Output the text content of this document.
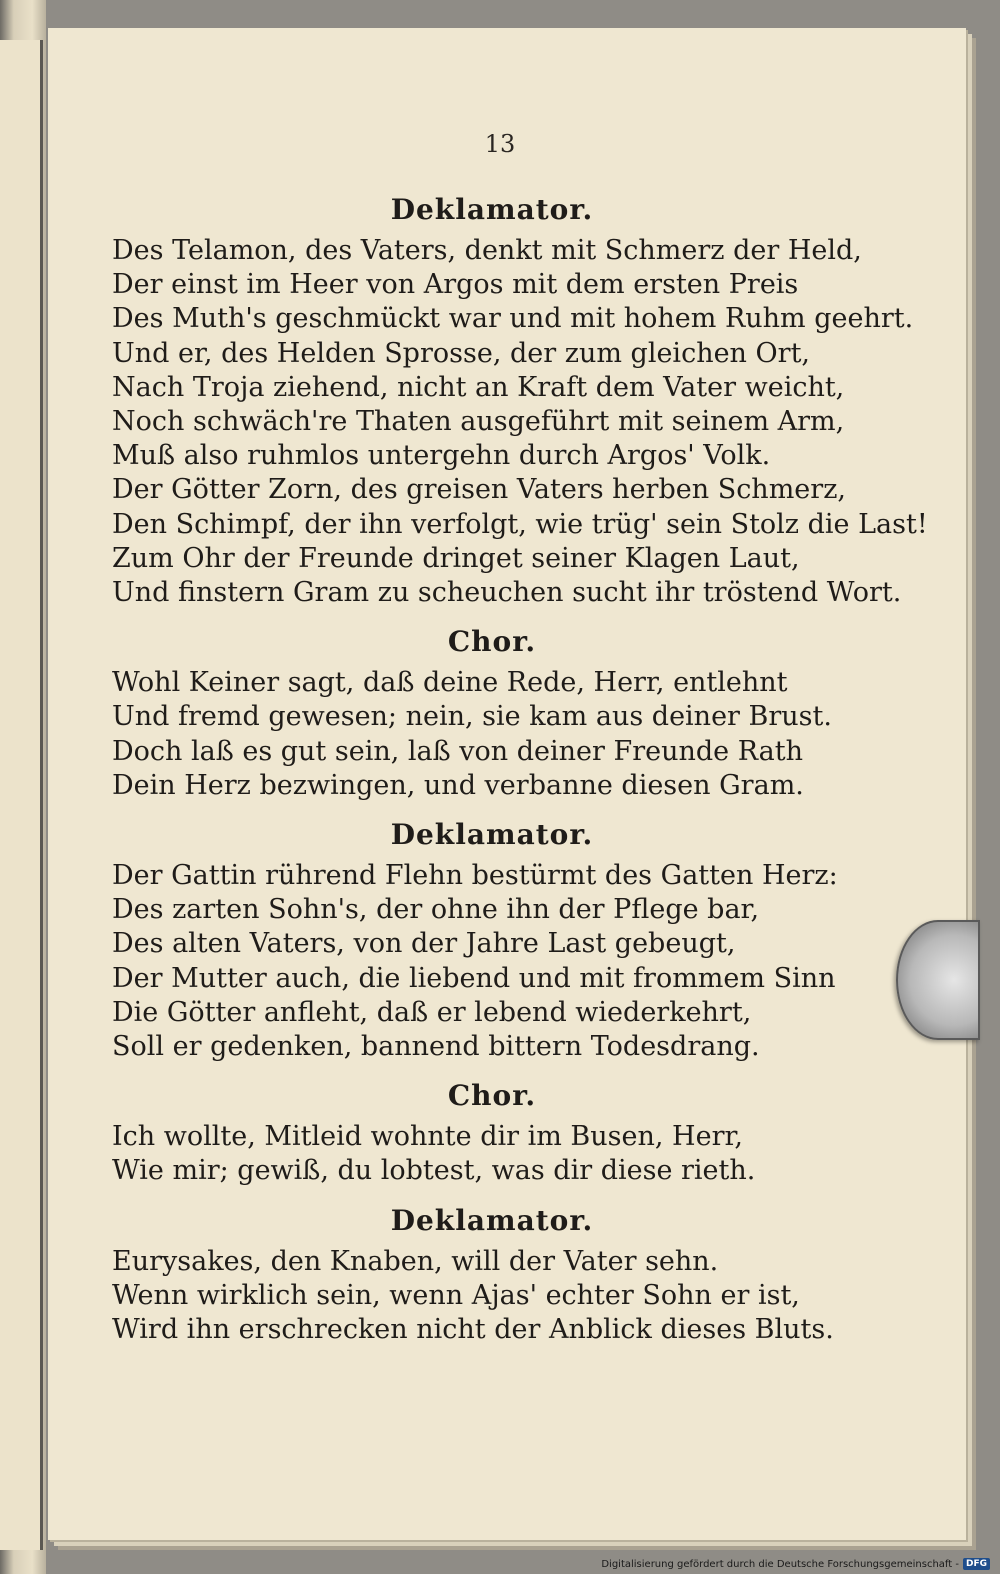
13

Deklamator.

Des Telamon, des Vaters, denkt mit Schmerz der Held,

Der einst im Heer von Argos mit dem ersten Preis

Des Muth's geschmückt war und mit hohem Ruhm geehrt.

Und er, des Helden Sprosse, der zum gleichen Ort,

Nach Troja ziehend, nicht an Kraft dem Vater weicht,

Noch schwäch're Thaten ausgeführt mit seinem Arm,

Muß also ruhmlos untergehn durch Argos' Volk.

Der Götter Zorn, des greisen Vaters herben Schmerz,

Den Schimpf, der ihn verfolgt, wie trüg' sein Stolz die Last!

Zum Ohr der Freunde dringet seiner Klagen Laut,

Und finstern Gram zu scheuchen sucht ihr tröstend Wort.

Chor.

Wohl Keiner sagt, daß deine Rede, Herr, entlehnt

Und fremd gewesen; nein, sie kam aus deiner Brust.

Doch laß es gut sein, laß von deiner Freunde Rath

Dein Herz bezwingen, und verbanne diesen Gram.

Deklamator.

Der Gattin rührend Flehn bestürmt des Gatten Herz:

Des zarten Sohn's, der ohne ihn der Pflege bar,

Des alten Vaters, von der Jahre Last gebeugt,

Der Mutter auch, die liebend und mit frommem Sinn

Die Götter anfleht, daß er lebend wiederkehrt,

Soll er gedenken, bannend bittern Todesdrang.

Chor.

Ich wollte, Mitleid wohnte dir im Busen, Herr,

Wie mir; gewiß, du lobtest, was dir diese rieth.

Deklamator.

Eurysakes, den Knaben, will der Vater sehn.

Wenn wirklich sein, wenn Ajas' echter Sohn er ist,

Wird ihn erschrecken nicht der Anblick dieses Bluts.

Digitalisierung gefördert durch die Deutsche Forschungsgemeinschaft - DFG
